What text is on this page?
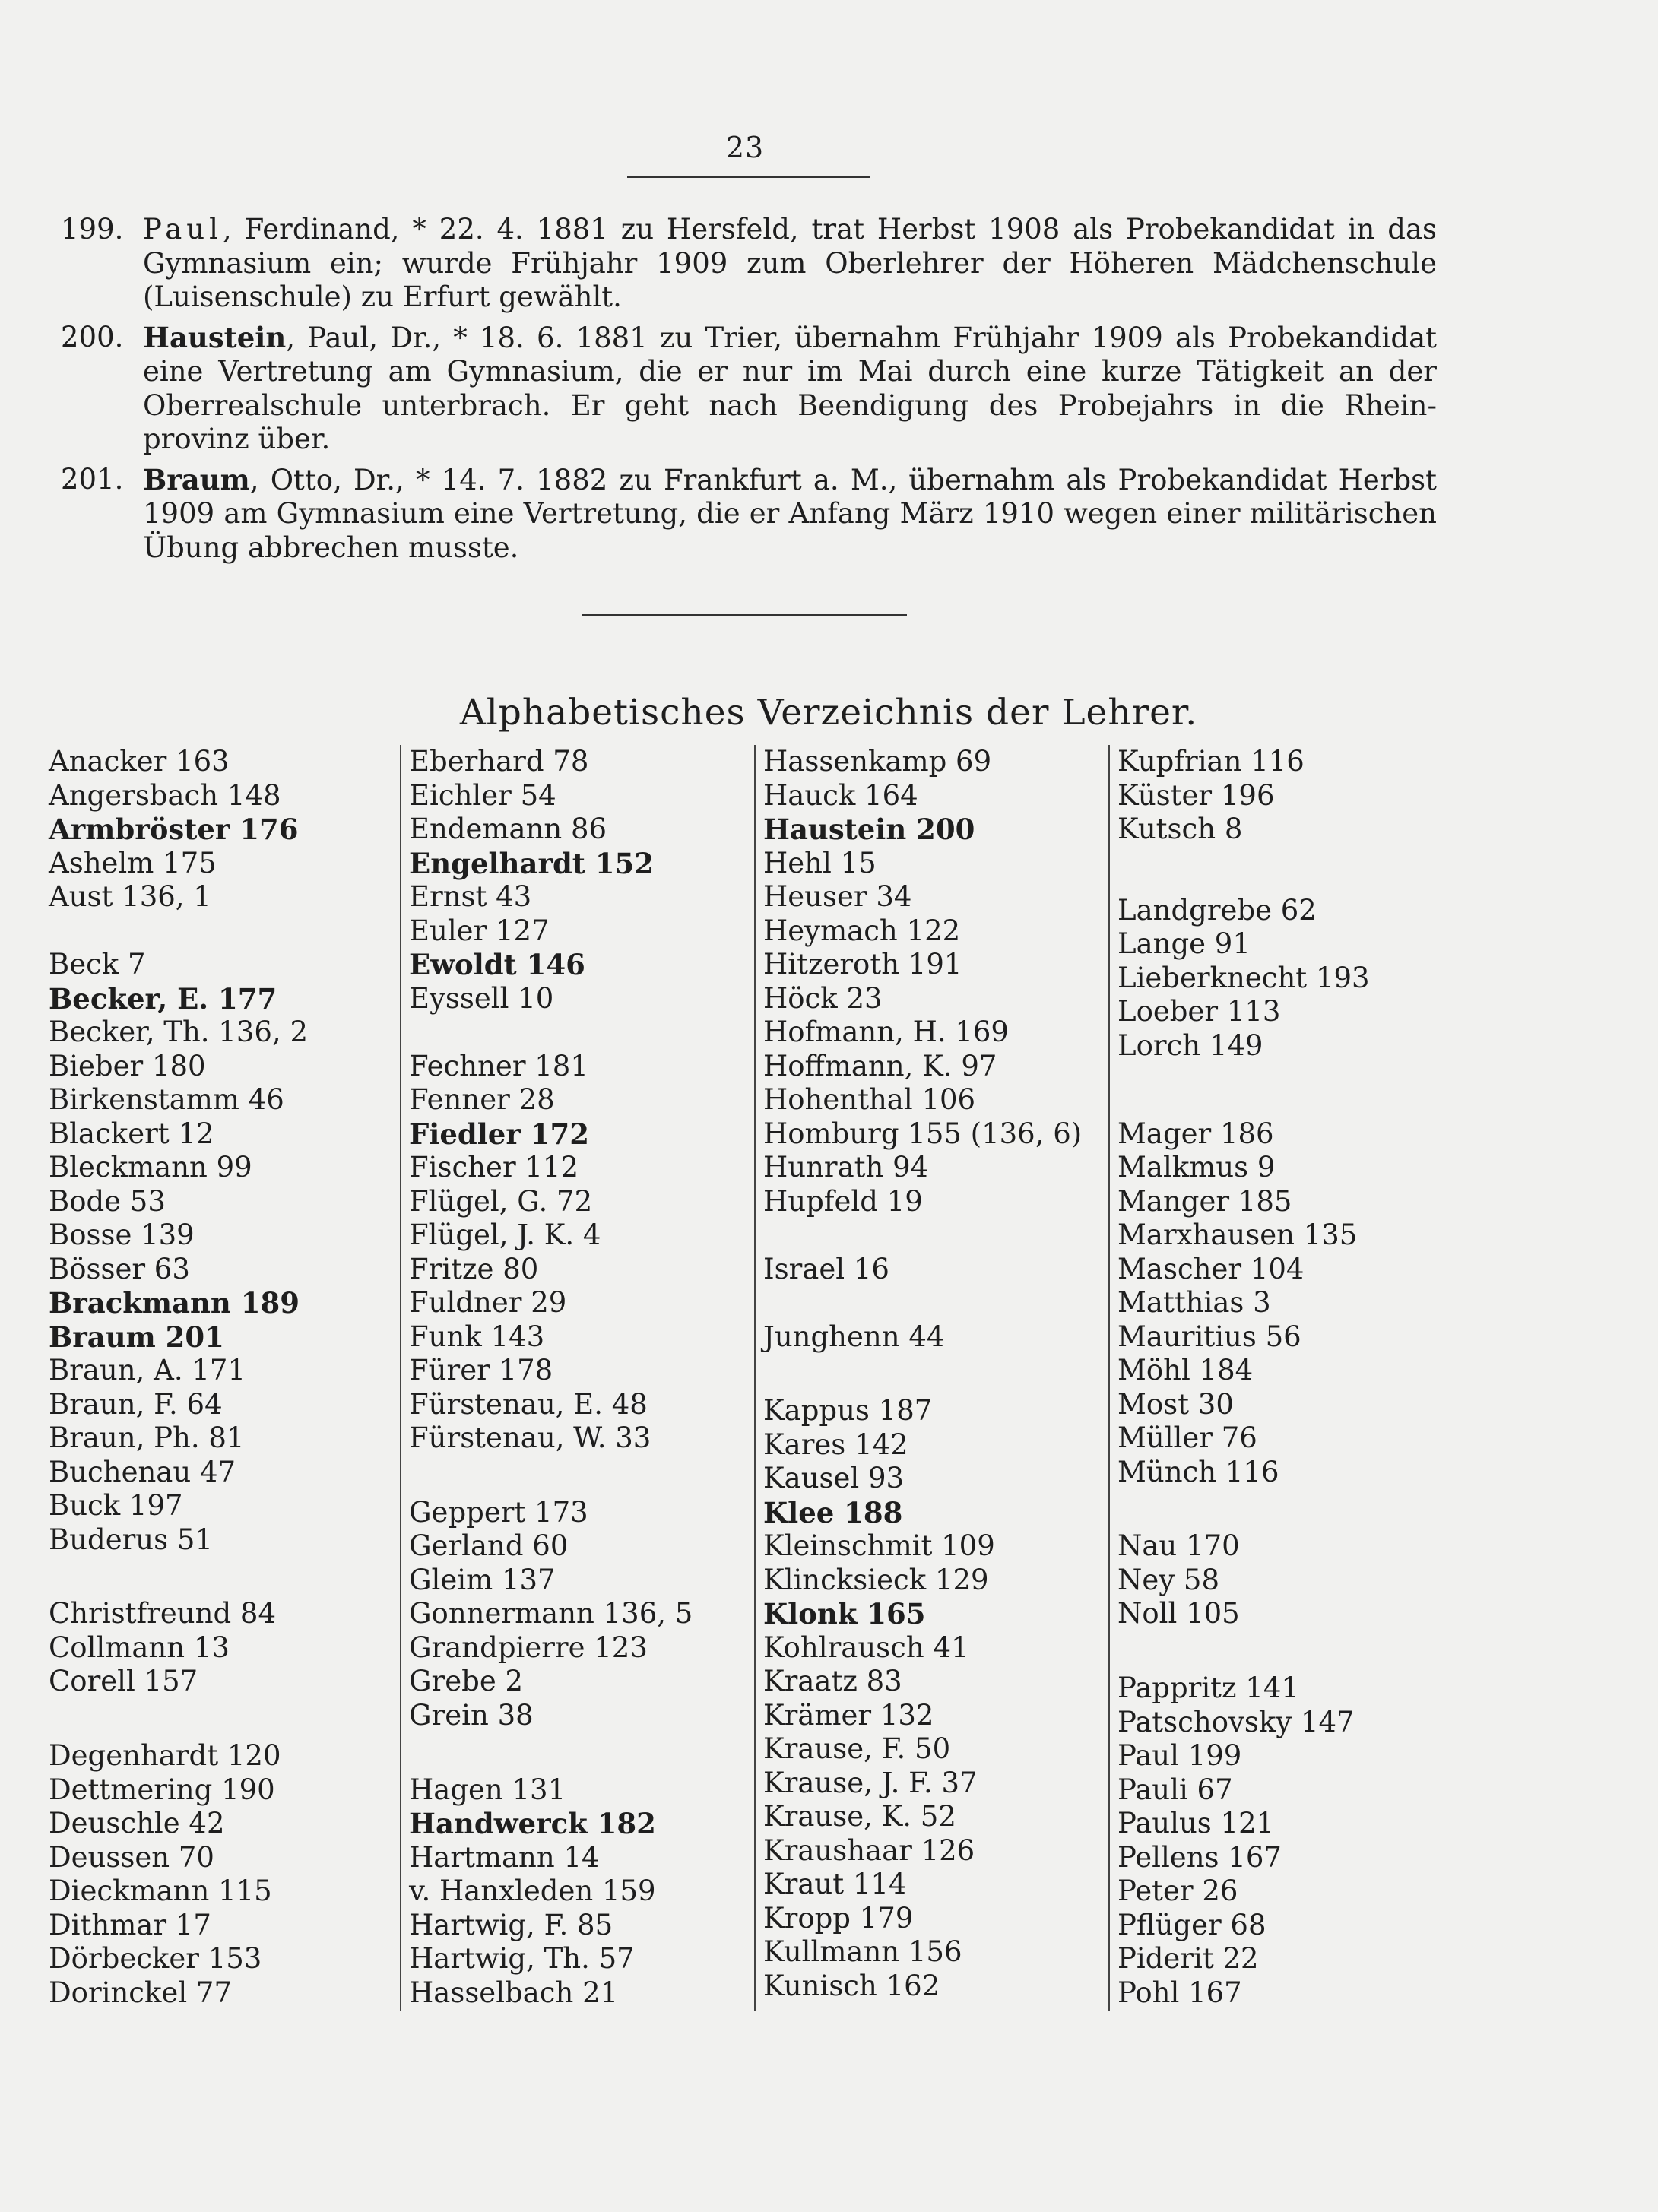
23
199. Paul, Ferdinand, * 22. 4. 1881 zu Hersfeld, trat Herbst 1908 als Probekandidat in das
Gymnasium ein; wurde Frühjahr 1909 zum Oberlehrer der Höheren Mädchenschule
(Luisenschule) zu Erfurt gewählt.
200. Haustein, Paul, Dr., * 18. 6. 1881 zu Trier, übernahm Frühjahr 1909 als Probekandidat
eine Vertretung am Gymnasium, die er nur im Mai durch eine kurze Tätigkeit an der
Oberrealschule unterbrach. Er geht nach Beendigung des Probejahrs in die Rhein-
provinz über.
201. Braum, Otto, Dr., * 14. 7. 1882 zu Frankfurt a. M., übernahm als Probekandidat Herbst
1909 am Gymnasium eine Vertretung, die er Anfang März 1910 wegen einer militärischen
Übung abbrechen musste.
Alphabetisches Verzeichnis der Lehrer.
Anacker 163
Angersbach 148
Armbröster 176
Ashelm 175
Aust 136, 1
Beck 7
Becker, E. 177
Becker, Th. 136, 2
Bieber 180
Birkenstamm 46
Blackert 12
Bleckmann 99
Bode 53
Bosse 139
Bösser 63
Brackmann 189
Braum 201
Braun, A. 171
Braun, F. 64
Braun, Ph. 81
Buchenau 47
Buck 197
Buderus 51
Christfreund 84
Collmann 13
Corell 157
Degenhardt 120
Dettmering 190
Deuschle 42
Deussen 70
Dieckmann 115
Dithmar 17
Dörbecker 153
Dorinckel 77
Eberhard 78
Eichler 54
Endemann 86
Engelhardt 152
Ernst 43
Euler 127
Ewoldt 146
Eyssell 10
Fechner 181
Fenner 28
Fiedler 172
Fischer 112
Flügel, G. 72
Flügel, J. K. 4
Fritze 80
Fuldner 29
Funk 143
Fürer 178
Fürstenau, E. 48
Fürstenau, W. 33
Geppert 173
Gerland 60
Gleim 137
Gonnermann 136, 5
Grandpierre 123
Grebe 2
Grein 38
Hagen 131
Handwerck 182
Hartmann 14
v. Hanxleden 159
Hartwig, F. 85
Hartwig, Th. 57
Hasselbach 21
Hassenkamp 69
Hauck 164
Haustein 200
Hehl 15
Heuser 34
Heymach 122
Hitzeroth 191
Höck 23
Hofmann, H. 169
Hoffmann, K. 97
Hohenthal 106
Homburg 155 (136, 6)
Hunrath 94
Hupfeld 19
Israel 16
Junghenn 44
Kappus 187
Kares 142
Kausel 93
Klee 188
Kleinschmit 109
Klincksieck 129
Klonk 165
Kohlrausch 41
Kraatz 83
Krämer 132
Krause, F. 50
Krause, J. F. 37
Krause, K. 52
Kraushaar 126
Kraut 114
Kropp 179
Kullmann 156
Kunisch 162
Kupfrian 116
Küster 196
Kutsch 8
Landgrebe 62
Lange 91
Lieberknecht 193
Loeber 113
Lorch 149
Mager 186
Malkmus 9
Manger 185
Marxhausen 135
Mascher 104
Matthias 3
Mauritius 56
Möhl 184
Most 30
Müller 76
Münch 116
Nau 170
Ney 58
Noll 105
Pappritz 141
Patschovsky 147
Paul 199
Pauli 67
Paulus 121
Pellens 167
Peter 26
Pflüger 68
Piderit 22
Pohl 167
